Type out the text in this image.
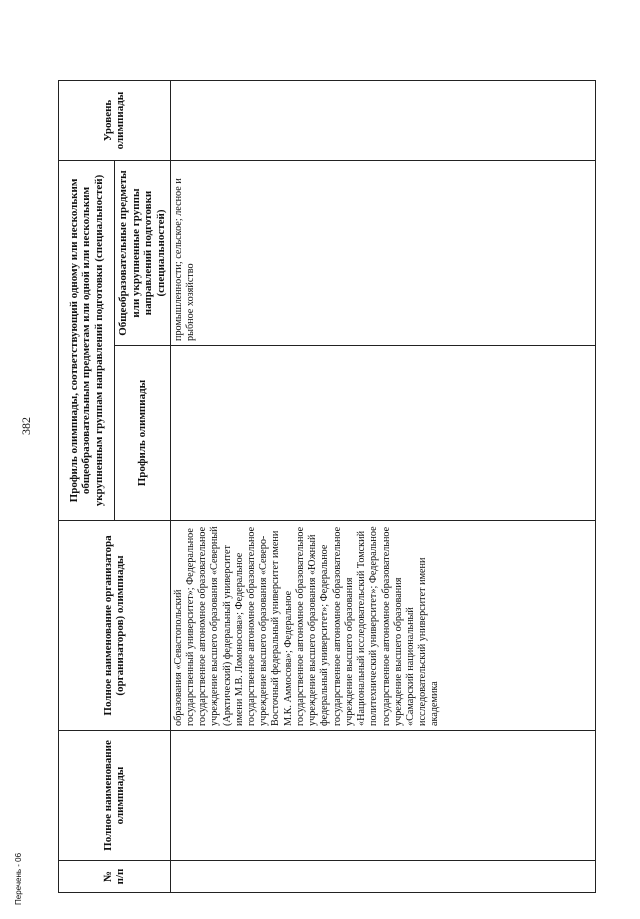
382
№ п/п	Полное наименование олимпиады	Полное наименование организатора (организаторов) олимпиады	Профиль олимпиады, соответствующий одному или нескольким общеобразовательным предметам или одной или нескольким укрупненным группам направлений подготовки (специальностей)		Уровень олимпиады
			Профиль олимпиады	Общеобразовательные предметы или укрупненные группы направлений подготовки (специальностей)	
		образования «Севастопольский государственный университет»; Федеральное государственное автономное образовательное учреждение высшего образования «Северный (Арктический) федеральный университет имени М.В. Ломоносова»; Федеральное государственное автономное образовательное учреждение высшего образования «Северо-Восточный федеральный университет имени М.К. Аммосова»; Федеральное государственное автономное образовательное учреждение высшего образования «Южный федеральный университет»; Федеральное государственное автономное образовательное учреждение высшего образования «Национальный исследовательский Томский политехнический университет»; Федеральное государственное автономное образовательное учреждение высшего образования «Самарский национальный исследовательский университет имени академика		промышленности; сельское; лесное и рыбное хозяйство	
Перечень - 06
